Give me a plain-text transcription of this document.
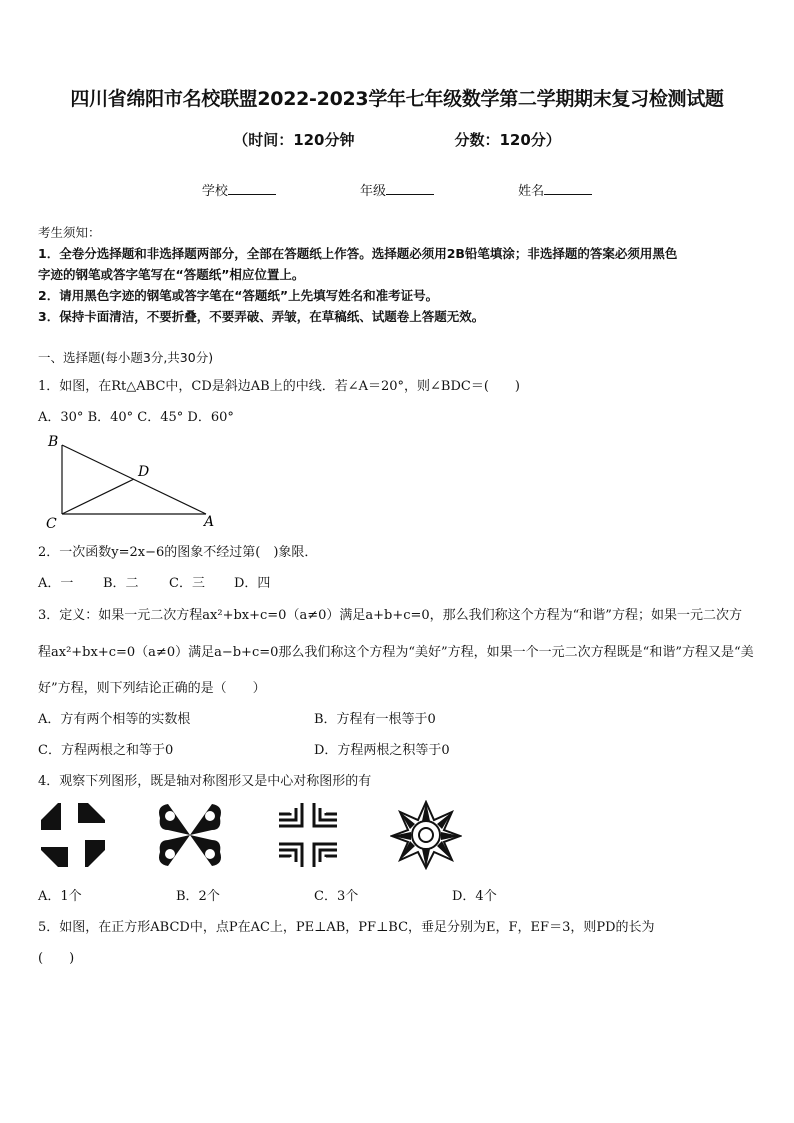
四川省绵阳市名校联盟2022-2023学年七年级数学第二学期期末复习检测试题
（时间：120分钟	分数：120分）
学校	年级	姓名
考生须知：
1．全卷分选择题和非选择题两部分，全部在答题纸上作答。选择题必须用2B铅笔填涂；非选择题的答案必须用黑色
字迹的钢笔或答字笔写在“答题纸”相应位置上。
2．请用黑色字迹的钢笔或答字笔在“答题纸”上先填写姓名和准考证号。
3．保持卡面清洁，不要折叠，不要弄破、弄皱，在草稿纸、试题卷上答题无效。
一、选择题(每小题3分,共30分)
1．如图，在Rt△ABC中，CD是斜边AB上的中线．若∠A＝20°，则∠BDC＝(　　)
A．30° B．40° C．45° D．60°
B
D
C	A
2．一次函数y=2x−6的图象不经过第(　)象限．
A．一 B．二 C．三 D．四
3．定义：如果一元二次方程ax²+bx+c=0（a≠0）满足a+b+c=0，那么我们称这个方程为“和谐”方程；如果一元二次方
程ax²+bx+c=0（a≠0）满足a−b+c=0那么我们称这个方程为“美好”方程，如果一个一元二次方程既是“和谐”方程又是“美
好”方程，则下列结论正确的是（　　）
A．方有两个相等的实数根	B．方程有一根等于0
C．方程两根之和等于0	D．方程两根之积等于0
4．观察下列图形，既是轴对称图形又是中心对称图形的有
A．1个	B．2个	C．3个	D．4个
5．如图，在正方形ABCD中，点P在AC上，PE⊥AB，PF⊥BC，垂足分别为E，F，EF＝3，则PD的长为
(　　)
